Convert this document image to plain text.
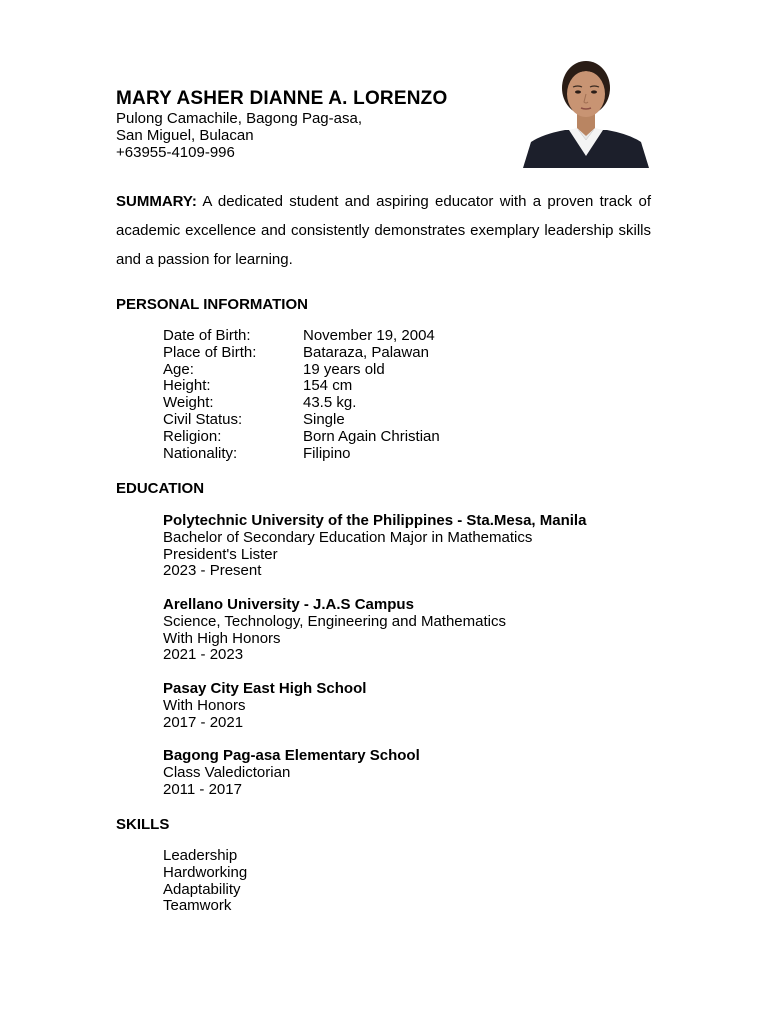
MARY ASHER DIANNE A. LORENZO
Pulong Camachile, Bagong Pag-asa,
San Miguel, Bulacan
+63955-4109-996

SUMMARY: A dedicated student and aspiring educator with a proven track of academic excellence and consistently demonstrates exemplary leadership skills and a passion for learning.

PERSONAL INFORMATION
Date of Birth:	November 19, 2004
Place of Birth:	Bataraza, Palawan
Age:	19 years old
Height:	154 cm
Weight:	43.5 kg.
Civil Status:	Single
Religion:	Born Again Christian
Nationality:	Filipino
EDUCATION
Polytechnic University of the Philippines - Sta.Mesa, Manila
Bachelor of Secondary Education Major in Mathematics
President's Lister
2023 - Present
Arellano University - J.A.S Campus
Science, Technology, Engineering and Mathematics
With High Honors
2021 - 2023
Pasay City East High School
With Honors
2017 - 2021
Bagong Pag-asa Elementary School
Class Valedictorian
2011 - 2017
SKILLS
Leadership
Hardworking
Adaptability
Teamwork
